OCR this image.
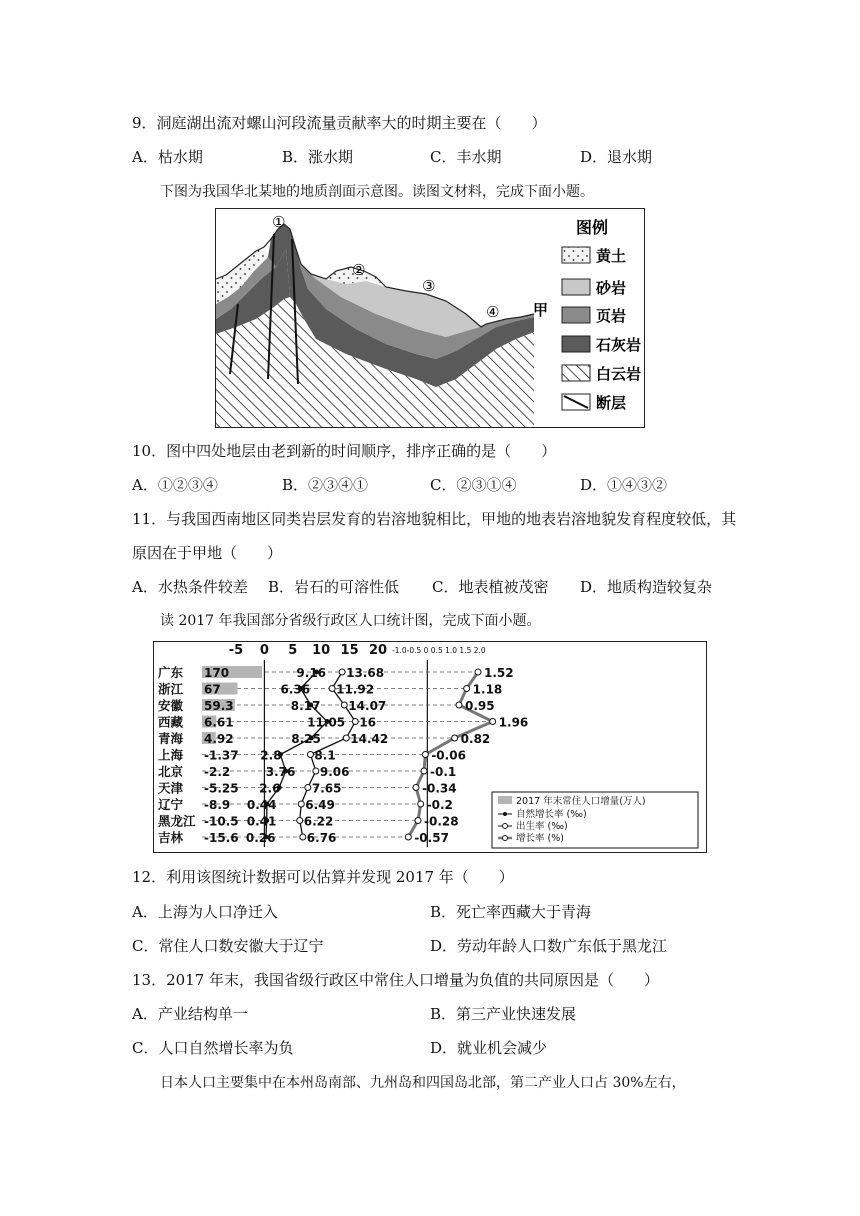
9．洞庭湖出流对螺山河段流量贡献率大的时期主要在（　　）
A．枯水期	B．涨水期	C．丰水期	D．退水期
下图为我国华北某地的地质剖面示意图。读图文材料，完成下面小题。
①
②
③
④ 甲
图例
黄土
砂岩
页岩
石灰岩
白云岩
断层
10．图中四处地层由老到新的时间顺序，排序正确的是（　　）
A．①②③④	B．②③④①	C．②③①④	D．①④③②
11．与我国西南地区同类岩层发育的岩溶地貌相比，甲地的地表岩溶地貌发育程度较低，其
原因在于甲地（　　）
A．水热条件较差 B．岩石的可溶性低 C．地表植被茂密 D．地质构造较复杂
读 2017 年我国部分省级行政区人口统计图，完成下面小题。
-5 0 5 10 15 20 -1.0-0.5 0 0.5 1.0 1.5 2.0
广东 170
浙江 67
安徽 59.3
西藏 6.61
青海 4.92
上海 -1.37
北京 -2.2
天津 -5.25
辽宁 -8.9
黑龙江 -10.5
吉林 -15.6
9.16 13.68	1.52
6.36 11.92	1.18
8.17 14.07	0.95
11.05 16	1.96
8.25 14.42	0.82
2.8	8.1	-0.06
3.76 9.06	-0.1
2.6	7.65	-0.34
0.44 6.49	-0.2
0.41 6.22	-0.28
0.26	6.76	-0.57
2017 年末常住人口增量(万人)
自然增长率 (‰)
出生率 (‰)
增长率 (%)
12．利用该图统计数据可以估算并发现 2017 年（　　）
A．上海为人口净迁入	B．死亡率西藏大于青海
C．常住人口数安徽大于辽宁	D．劳动年龄人口数广东低于黑龙江
13．2017 年末，我国省级行政区中常住人口增量为负值的共同原因是（　　）
A．产业结构单一	B．第三产业快速发展
C．人口自然增长率为负	D．就业机会减少
日本人口主要集中在本州岛南部、九州岛和四国岛北部，第二产业人口占 30%左右，
